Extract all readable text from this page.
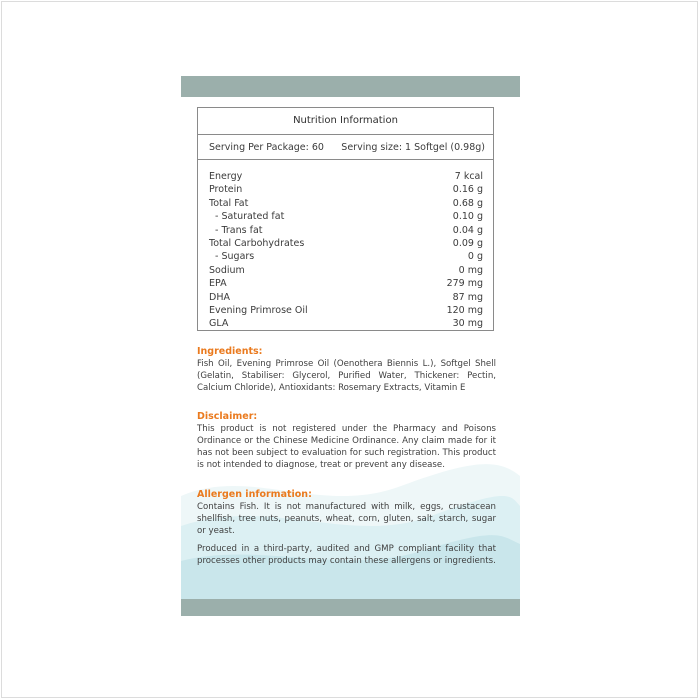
Nutrition Information
Serving Per Package: 60 Serving size: 1 Softgel (0.98g)
Energy	7 kcal
Protein	0.16 g
Total Fat	0.68 g
- Saturated fat	0.10 g
- Trans fat	0.04 g
Total Carbohydrates	0.09 g
- Sugars	0 g
Sodium	0 mg
EPA	279 mg
DHA	87 mg
Evening Primrose Oil	120 mg
GLA	30 mg
Ingredients:

Fish Oil, Evening Primrose Oil (Oenothera Biennis L.), Softgel Shell (Gelatin, Stabiliser: Glycerol, Purified Water, Thickener: Pectin, Calcium Chloride), Antioxidants: Rosemary Extracts, Vitamin E

Disclaimer:

This product is not registered under the Pharmacy and Poisons Ordinance or the Chinese Medicine Ordinance. Any claim made for it has not been subject to evaluation for such registration. This product is not intended to diagnose, treat or prevent any disease.

Allergen information:

Contains Fish. It is not manufactured with milk, eggs, crustacean shellfish, tree nuts, peanuts, wheat, corn, gluten, salt, starch, sugar or yeast.

Produced in a third-party, audited and GMP compliant facility that processes other products may contain these allergens or ingredients.
